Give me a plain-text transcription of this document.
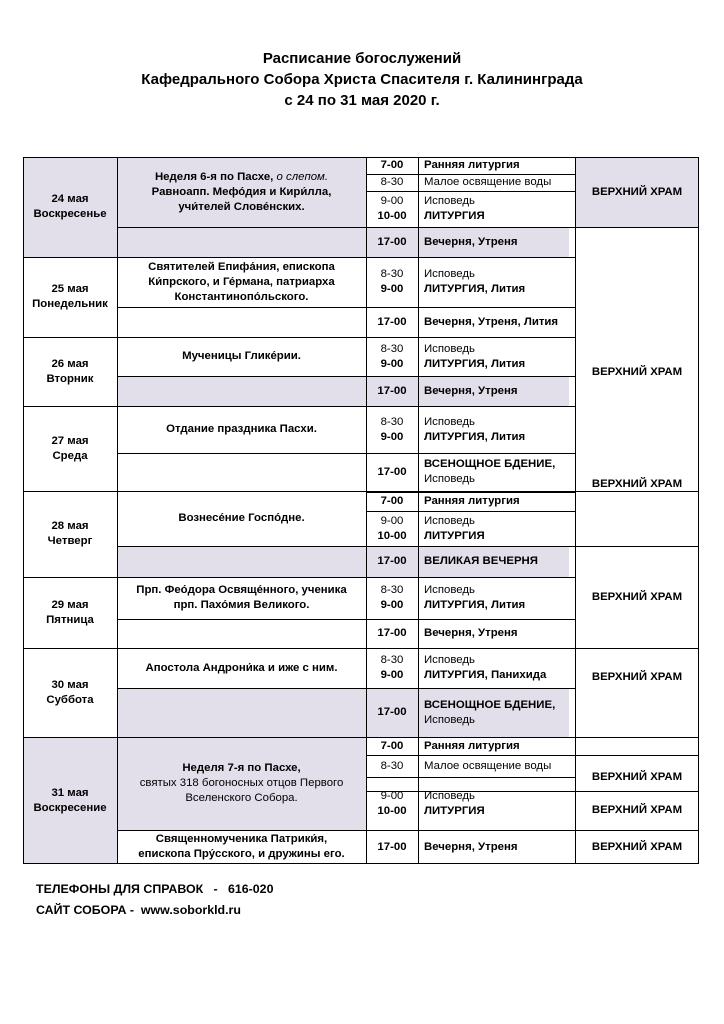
Расписание богослужений
Кафедрального Собора Христа Спасителя г. Калининграда
с 24 по 31 мая 2020 г.
24 мая
Воскресенье
25 мая
Понедельник
26 мая
Вторник
27 мая
Среда
28 мая
Четверг
29 мая
Пятница
30 мая
Суббота
31 мая
Воскресение
Неделя 6-я по Пасхе, о слепом.
Равноапп. Мефо́дия и Кири́лла,
учи́телей Слове́нских.
Святителей Епифа́ния, епископа
Ки́прского, и Ге́рмана, патриарха
Константинопо́льского.
Мученицы Глике́рии.
Отдание праздника Пасхи.
Вознесе́ние Госпо́дне.
Прп. Фео́дора Освяще́нного, ученика
прп. Пахо́мия Великого.
Апостола Андрони́ка и иже с ним.
Неделя 7-я по Пасхе,
святых 318 богоносных отцов Первого
Вселенского Собора.
Священномученика Патрики́я,
епископа Пру́сского, и дружины его.
7-00
8-30
9-00
10-00
17-00
8-30
9-00
17-00
8-30
9-00
17-00
8-30
9-00
17-00
7-00
9-00
10-00
17-00
8-30
9-00
17-00
8-30
9-00
17-00
7-00
8-30
9-00
10-00
17-00
Ранняя литургия
Малое освящение воды
Исповедь
ЛИТУРГИЯ
Вечерня, Утреня
Исповедь
ЛИТУРГИЯ, Лития
Вечерня, Утреня, Лития
Исповедь
ЛИТУРГИЯ, Лития
Вечерня, Утреня
Исповедь
ЛИТУРГИЯ, Лития
ВСЕНОЩНОЕ БДЕНИЕ,
Исповедь
Ранняя литургия
Исповедь
ЛИТУРГИЯ
ВЕЛИКАЯ ВЕЧЕРНЯ
Исповедь
ЛИТУРГИЯ, Лития
Вечерня, Утреня
Исповедь
ЛИТУРГИЯ, Панихида
ВСЕНОЩНОЕ БДЕНИЕ,
Исповедь
Ранняя литургия
Малое освящение воды
Исповедь
ЛИТУРГИЯ
Вечерня, Утреня
ВЕРХНИЙ ХРАМ
ВЕРХНИЙ ХРАМ
ВЕРХНИЙ ХРАМ
ВЕРХНИЙ ХРАМ
ВЕРХНИЙ ХРАМ
ВЕРХНИЙ ХРАМ
ВЕРХНИЙ ХРАМ
ВЕРХНИЙ ХРАМ
ТЕЛЕФОНЫ ДЛЯ СПРАВОК   -   616-020
САЙТ СОБОРА -  www.soborkld.ru
